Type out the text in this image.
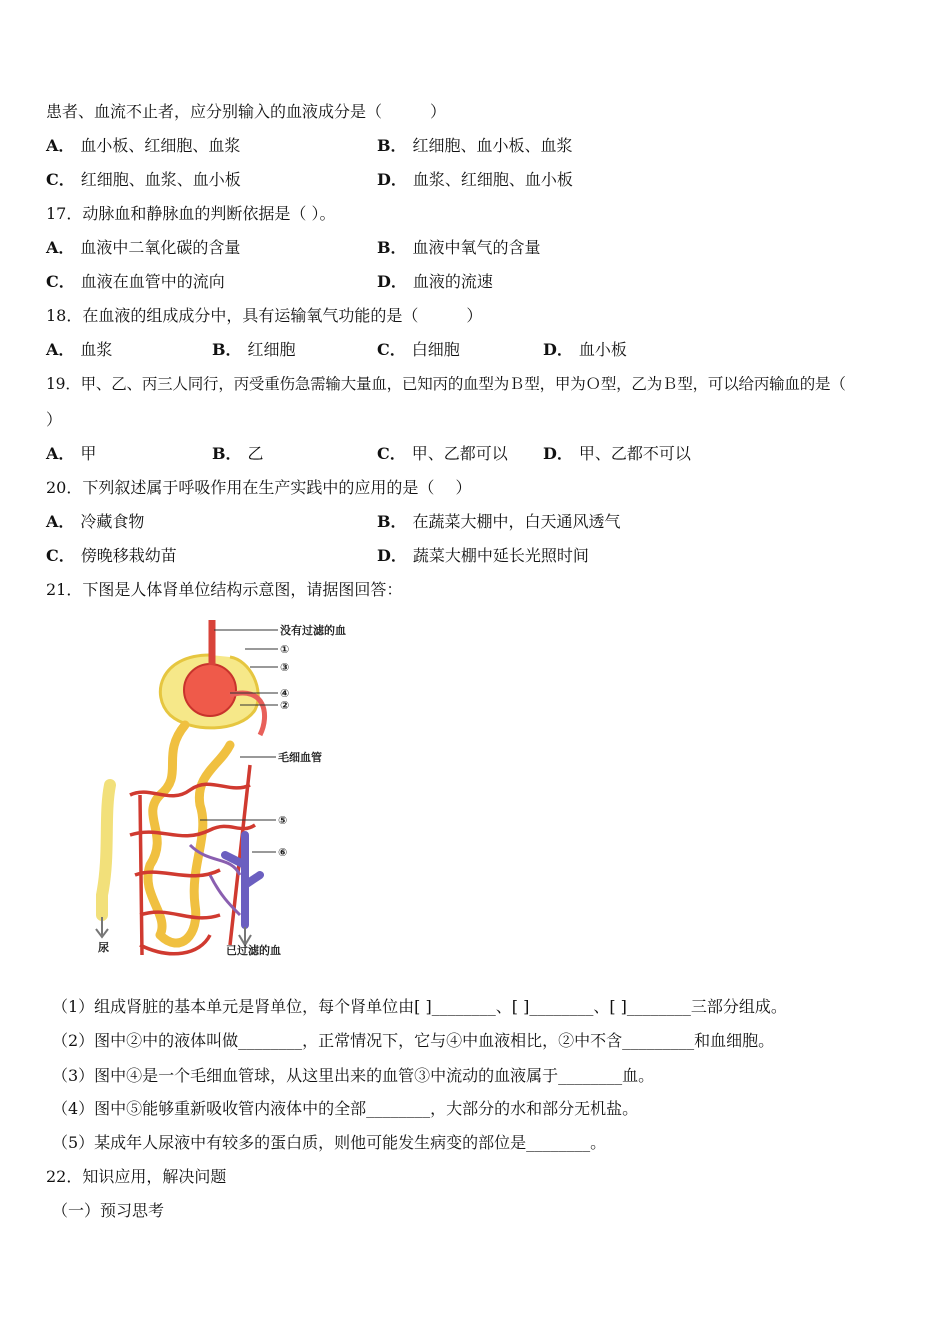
患者、血流不止者，应分别输入的血液成分是（　　　）
A． 血小板、红细胞、血浆	B． 红细胞、血小板、血浆
C． 红细胞、血浆、血小板	D． 血浆、红细胞、血小板
17．动脉血和静脉血的判断依据是（ ）。
A． 血液中二氧化碳的含量	B． 血液中氧气的含量
C． 血液在血管中的流向	D． 血液的流速
18．在血液的组成成分中，具有运输氧气功能的是（　　　）
A． 血浆	B． 红细胞	C． 白细胞	D． 血小板
19．甲、乙、丙三人同行，丙受重伤急需输大量血，已知丙的血型为Ｂ型，甲为Ｏ型，乙为Ｂ型，可以给丙输血的是（
）
A． 甲	B． 乙	C． 甲、乙都可以 D． 甲、乙都不可以
20．下列叙述属于呼吸作用在生产实践中的应用的是（　 ）
A． 冷藏食物	B． 在蔬菜大棚中，白天通风透气
C． 傍晚移栽幼苗	D． 蔬菜大棚中延长光照时间
21．下图是人体肾单位结构示意图，请据图回答：
没有过滤的血
①
③
④
②
毛细血管
⑤
⑥
尿	已过滤的血
（1）组成肾脏的基本单元是肾单位，每个肾单位由[ ]________、[ ]________、[ ]________三部分组成。
（2）图中②中的液体叫做________，正常情况下，它与④中血液相比，②中不含_________和血细胞。
（3）图中④是一个毛细血管球，从这里出来的血管③中流动的血液属于________血。
（4）图中⑤能够重新吸收管内液体中的全部________，大部分的水和部分无机盐。
（5）某成年人尿液中有较多的蛋白质，则他可能发生病变的部位是________。
22．知识应用，解决问题
（一）预习思考
